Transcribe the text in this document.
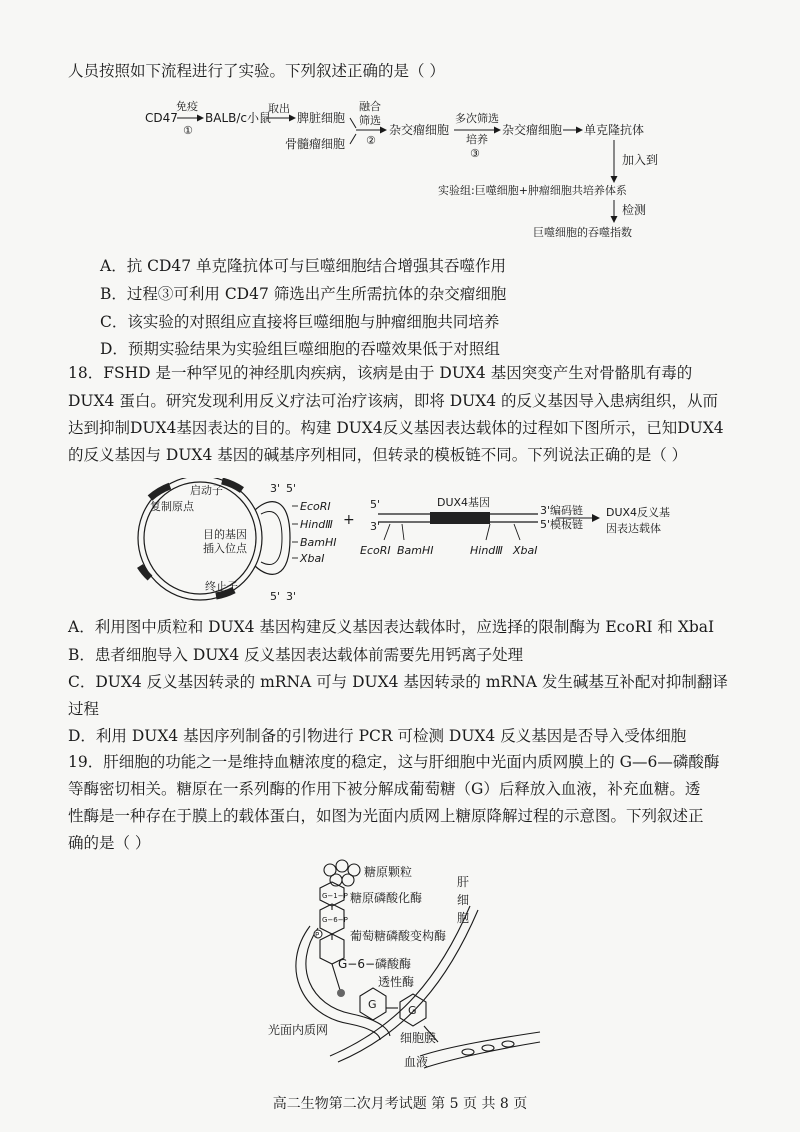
人员按照如下流程进行了实验。下列叙述正确的是（ ）
CD47
免疫
①
BALB/c小鼠
取出
脾脏细胞
骨髓瘤细胞
融合
筛选
②
杂交瘤细胞
多次筛选
培养
③
杂交瘤细胞 单克隆抗体
加入到
实验组:巨噬细胞+肿瘤细胞共培养体系
检测
巨噬细胞的吞噬指数
A．抗 CD47 单克隆抗体可与巨噬细胞结合增强其吞噬作用
B．过程③可利用 CD47 筛选出产生所需抗体的杂交瘤细胞
C．该实验的对照组应直接将巨噬细胞与肿瘤细胞共同培养
D．预期实验结果为实验组巨噬细胞的吞噬效果低于对照组
18．FSHD 是一种罕见的神经肌肉疾病，该病是由于 DUX4 基因突变产生对骨骼肌有毒的
DUX4 蛋白。研究发现利用反义疗法可治疗该病，即将 DUX4 的反义基因导入患病组织，从而
达到抑制DUX4基因表达的目的。构建 DUX4反义基因表达载体的过程如下图所示，已知DUX4
的反义基因与 DUX4 基因的碱基序列相同，但转录的模板链不同。下列说法正确的是（ ）
复制原点
启动子
目的基因
插入位点
终止子
3' 5'
5' 3'
EcoRI
HindⅢ
BamHI
XbaI
+
5'
3'
DUX4基因
3'编码链
5'模板链
EcoRI BamHI	HindⅢ XbaI
DUX4反义基
因表达载体
A．利用图中质粒和 DUX4 基因构建反义基因表达载体时，应选择的限制酶为 EcoRI 和 XbaI
B．患者细胞导入 DUX4 反义基因表达载体前需要先用钙离子处理
C．DUX4 反义基因转录的 mRNA 可与 DUX4 基因转录的 mRNA 发生碱基互补配对抑制翻译
过程
D．利用 DUX4 基因序列制备的引物进行 PCR 可检测 DUX4 反义基因是否导入受体细胞
19．肝细胞的功能之一是维持血糖浓度的稳定，这与肝细胞中光面内质网膜上的 G—6—磷酸酶
等酶密切相关。糖原在一系列酶的作用下被分解成葡萄糖（G）后释放入血液，补充血糖。透
性酶是一种存在于膜上的载体蛋白，如图为光面内质网上糖原降解过程的示意图。下列叙述正
确的是（ ）
糖原颗粒
糖原磷酸化酶
葡萄糖磷酸变构酶
G−6−磷酸酶
透性酶
光面内质网
细胞膜
血液
肝
细
胞
G−1−P
G−6−P
P
G	G
高二生物第二次月考试题 第 5 页 共 8 页
